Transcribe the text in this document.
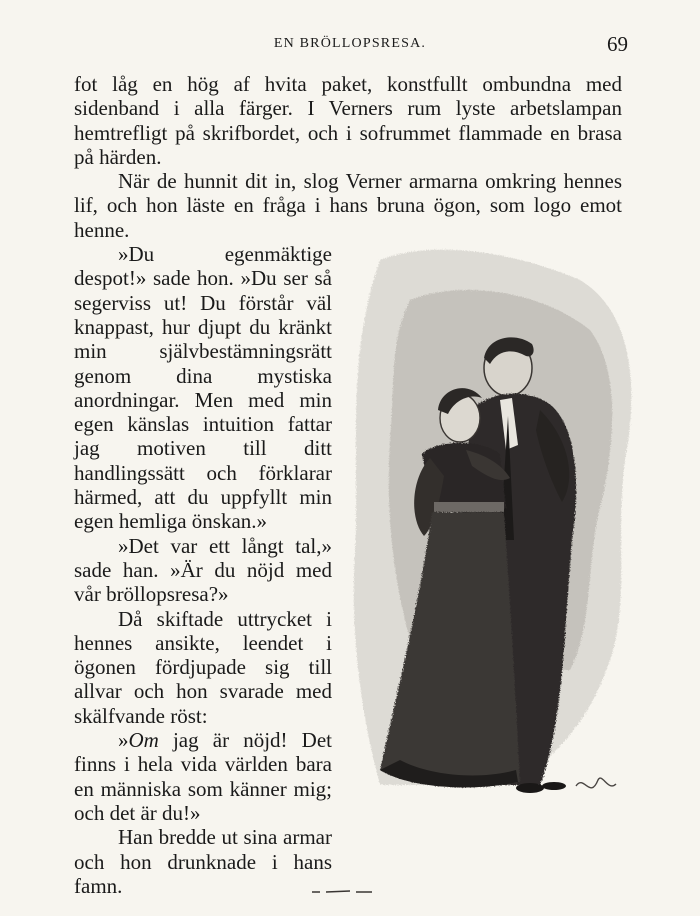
EN BRÖLLOPSRESA.	69

fot låg en hög af hvita paket, konstfullt ombundna med sidenband i alla färger. I Verners rum lyste arbetslampan hemtrefligt på skrifbordet, och i sofrummet flammade en brasa på härden.

När de hunnit dit in, slog Verner armarna omkring hennes lif, och hon läste en fråga i hans bruna ögon, som logo emot henne.

»Du egenmäktige despot!» sade hon. »Du ser så segerviss ut! Du förstår väl knappast, hur djupt du kränkt min självbestämningsrätt genom dina mystiska anordningar. Men med min egen känslas intuition fattar jag motiven till ditt handlingssätt och förklarar härmed, att du uppfyllt min egen hemliga önskan.»

»Det var ett långt tal,» sade han. »Är du nöjd med vår bröllopsresa?»

Då skiftade uttrycket i hennes ansikte, leendet i ögonen fördjupade sig till allvar och hon svarade med skälfvande röst:

»Om jag är nöjd! Det finns i hela vida världen bara en människa som känner mig; och det är du!»

Han bredde ut sina armar och hon drunknade i hans famn.
